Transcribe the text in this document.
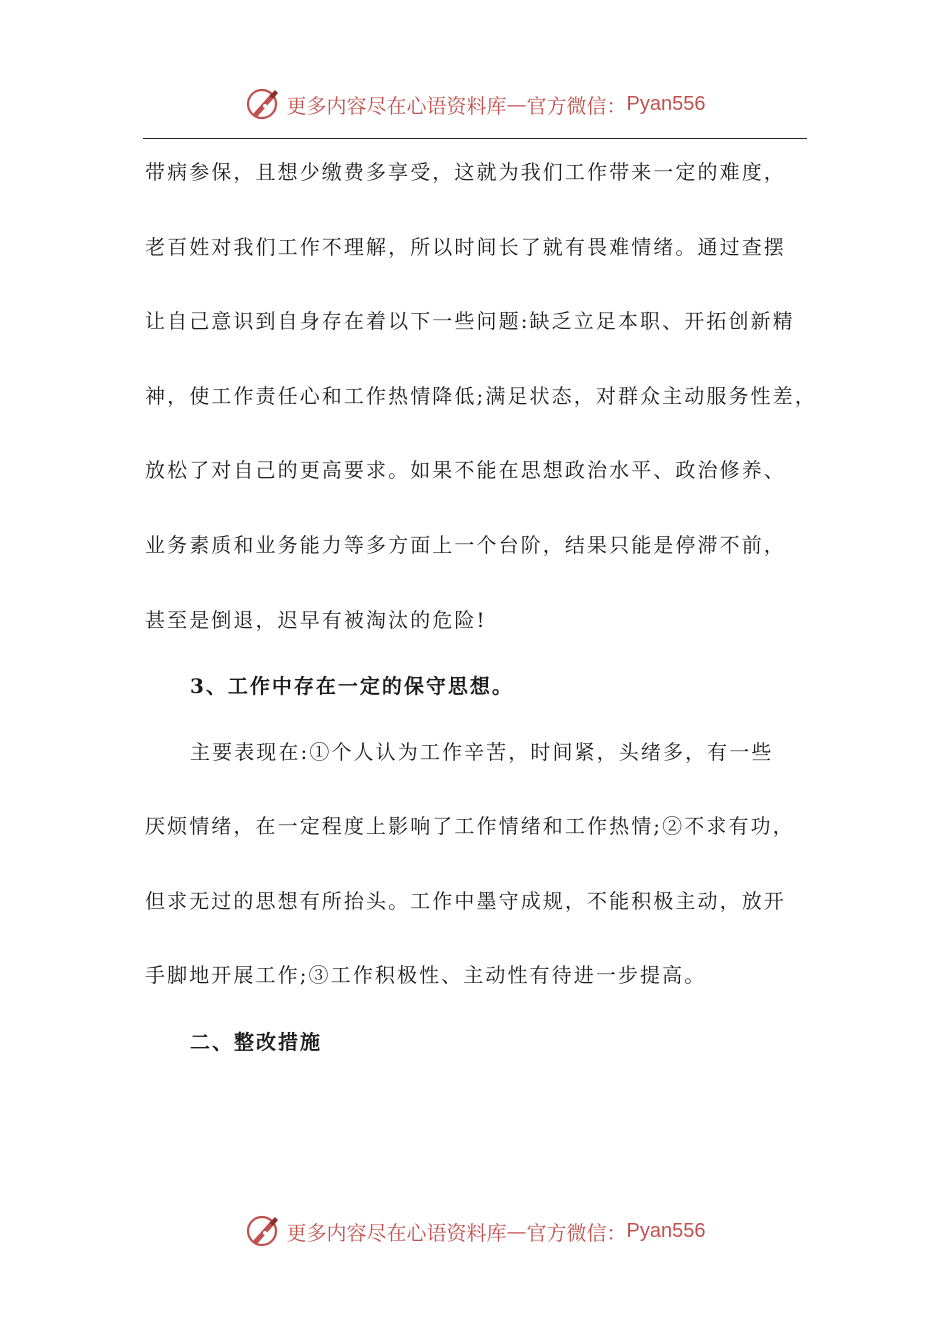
更多内容尽在心语资料库 — 官方微信： Pyan556
带病参保，且想少缴费多享受，这就为我们工作带来一定的难度，
老百姓对我们工作不理解，所以时间长了就有畏难情绪。通过查摆
让自己意识到自身存在着以下一些问题:缺乏立足本职、开拓创新精
神，使工作责任心和工作热情降低;满足状态，对群众主动服务性差，
放松了对自己的更高要求。如果不能在思想政治水平、政治修养、
业务素质和业务能力等多方面上一个台阶，结果只能是停滞不前，
甚至是倒退，迟早有被淘汰的危险!
3、工作中存在一定的保守思想。
主要表现在:①个人认为工作辛苦，时间紧，头绪多，有一些
厌烦情绪，在一定程度上影响了工作情绪和工作热情;②不求有功，
但求无过的思想有所抬头。工作中墨守成规，不能积极主动，放开
手脚地开展工作;③工作积极性、主动性有待进一步提高。
二、整改措施
更多内容尽在心语资料库 — 官方微信： Pyan556
